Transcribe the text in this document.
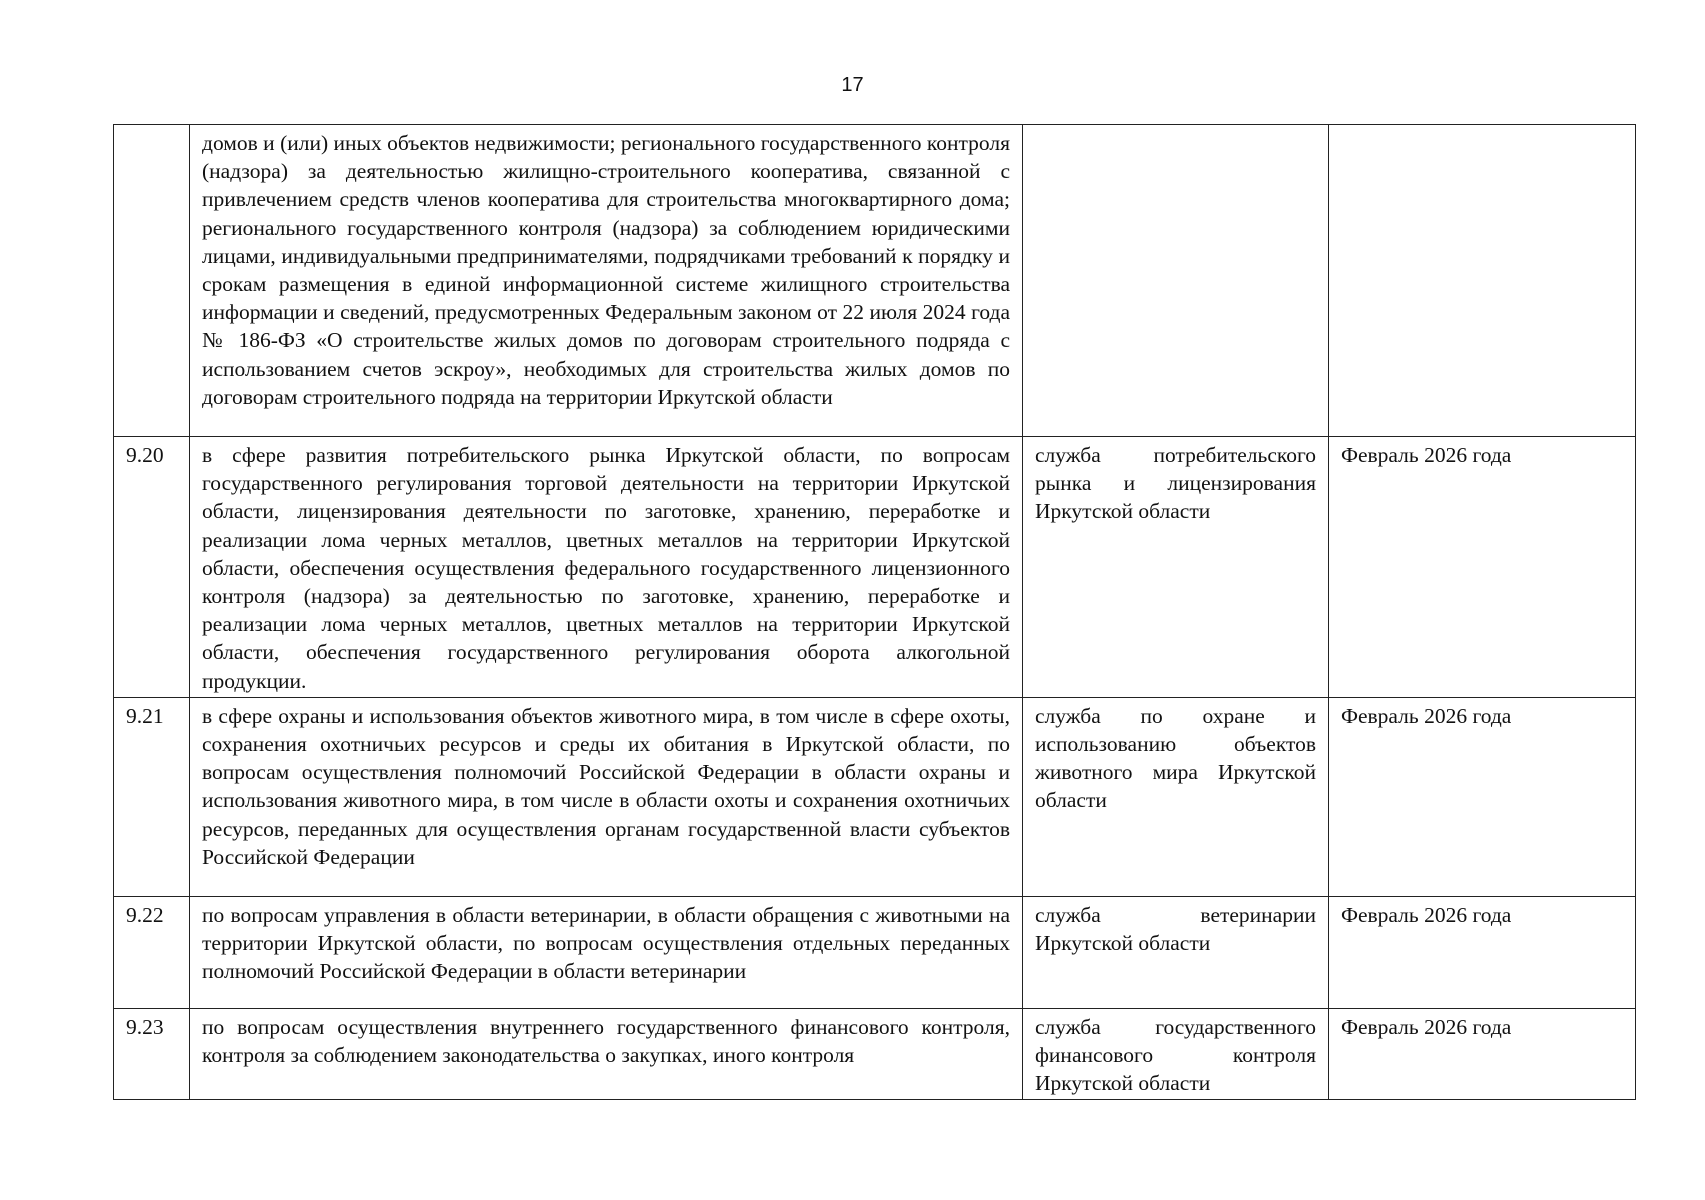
17
	домов и (или) иных объектов недвижимости; регионального государственного контроля (надзора) за деятельностью жилищно-строительного кооператива, связанной с привлечением средств членов кооператива для строительства многоквартирного дома; регионального государственного контроля (надзора) за соблюдением юридическими лицами, индивидуальными предпринимателями, подрядчиками требований к порядку и срокам размещения в единой информационной системе жилищного строительства информации и сведений, предусмотренных Федеральным законом от 22 июля 2024 года № 186-ФЗ «О строительстве жилых домов по договорам строительного подряда с использованием счетов эскроу», необходимых для строительства жилых домов по договорам строительного подряда на территории Иркутской области		
9.20	в сфере развития потребительского рынка Иркутской области, по вопросам государственного регулирования торговой деятельности на территории Иркутской области, лицензирования деятельности по заготовке, хранению, переработке и реализации лома черных металлов, цветных металлов на территории Иркутской области, обеспечения осуществления федерального государственного лицензионного контроля (надзора) за деятельностью по заготовке, хранению, переработке и реализации лома черных металлов, цветных металлов на территории Иркутской области, обеспечения государственного регулирования оборота алкогольной продукции.	служба потребительского рынка и лицензирования Иркутской области	Февраль 2026 года
9.21	в сфере охраны и использования объектов животного мира, в том числе в сфере охоты, сохранения охотничьих ресурсов и среды их обитания в Иркутской области, по вопросам осуществления полномочий Российской Федерации в области охраны и использования животного мира, в том числе в области охоты и сохранения охотничьих ресурсов, переданных для осуществления органам государственной власти субъектов Российской Федерации	служба по охране и использованию объектов животного мира Иркутской области	Февраль 2026 года
9.22	по вопросам управления в области ветеринарии, в области обращения с животными на территории Иркутской области, по вопросам осуществления отдельных переданных полномочий Российской Федерации в области ветеринарии	служба ветеринарии Иркутской области	Февраль 2026 года
9.23	по вопросам осуществления внутреннего государственного финансового контроля, контроля за соблюдением законодательства о закупках, иного контроля	служба государственного финансового контроля Иркутской области	Февраль 2026 года
